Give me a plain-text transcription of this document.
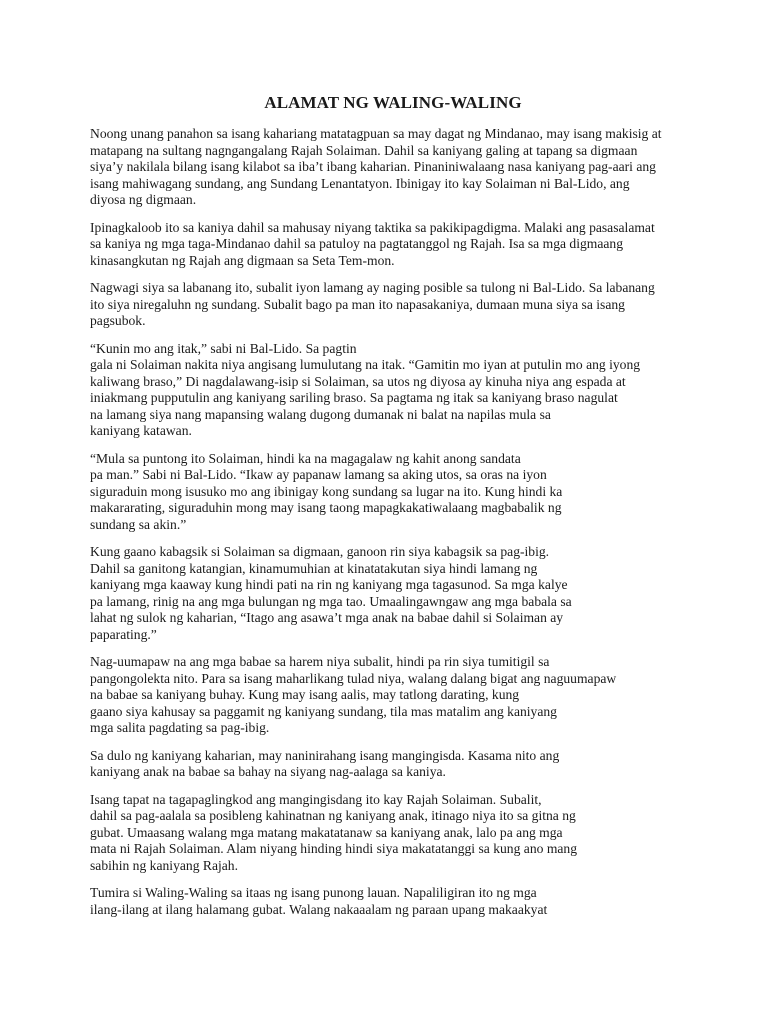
ALAMAT NG WALING-WALING
Noong unang panahon sa isang kahariang matatagpuan sa may dagat ng Mindanao, may isang makisig at
matapang na sultang nagngangalang Rajah Solaiman. Dahil sa kaniyang galing at tapang sa digmaan
siya’y nakilala bilang isang kilabot sa iba’t ibang kaharian. Pinaniniwalaang nasa kaniyang pag-aari ang
isang mahiwagang sundang, ang Sundang Lenantatyon. Ibinigay ito kay Solaiman ni Bal-Lido, ang
diyosa ng digmaan.
Ipinagkaloob ito sa kaniya dahil sa mahusay niyang taktika sa pakikipagdigma. Malaki ang pasasalamat
sa kaniya ng mga taga-Mindanao dahil sa patuloy na pagtatanggol ng Rajah. Isa sa mga digmaang
kinasangkutan ng Rajah ang digmaan sa Seta Tem-mon.
Nagwagi siya sa labanang ito, subalit iyon lamang ay naging posible sa tulong ni Bal-Lido. Sa labanang
ito siya niregaluhn ng sundang. Subalit bago pa man ito napasakaniya, dumaan muna siya sa isang
pagsubok.
“Kunin mo ang itak,” sabi ni Bal-Lido. Sa pagtin
gala ni Solaiman nakita niya angisang lumulutang na itak. “Gamitin mo iyan at putulin mo ang iyong
kaliwang braso,” Di nagdalawang-isip si Solaiman, sa utos ng diyosa ay kinuha niya ang espada at
iniakmang pupputulin ang kaniyang sariling braso. Sa pagtama ng itak sa kaniyang braso nagulat
na lamang siya nang mapansing walang dugong dumanak ni balat na napilas mula sa
kaniyang katawan.
“Mula sa puntong ito Solaiman, hindi ka na magagalaw ng kahit anong sandata
pa man.” Sabi ni Bal-Lido. “Ikaw ay papanaw lamang sa aking utos, sa oras na iyon
siguraduin mong isusuko mo ang ibinigay kong sundang sa lugar na ito. Kung hindi ka
makararating, siguraduhin mong may isang taong mapagkakatiwalaang magbabalik ng
sundang sa akin.”
Kung gaano kabagsik si Solaiman sa digmaan, ganoon rin siya kabagsik sa pag-ibig.
Dahil sa ganitong katangian, kinamumuhian at kinatatakutan siya hindi lamang ng
kaniyang mga kaaway kung hindi pati na rin ng kaniyang mga tagasunod. Sa mga kalye
pa lamang, rinig na ang mga bulungan ng mga tao. Umaalingawngaw ang mga babala sa
lahat ng sulok ng kaharian, “Itago ang asawa’t mga anak na babae dahil si Solaiman ay
paparating.”
Nag-uumapaw na ang mga babae sa harem niya subalit, hindi pa rin siya tumitigil sa
pangongolekta nito. Para sa isang maharlikang tulad niya, walang dalang bigat ang naguumapaw
na babae sa kaniyang buhay. Kung may isang aalis, may tatlong darating, kung
gaano siya kahusay sa paggamit ng kaniyang sundang, tila mas matalim ang kaniyang
mga salita pagdating sa pag-ibig.
Sa dulo ng kaniyang kaharian, may naninirahang isang mangingisda. Kasama nito ang
kaniyang anak na babae sa bahay na siyang nag-aalaga sa kaniya.
Isang tapat na tagapaglingkod ang mangingisdang ito kay Rajah Solaiman. Subalit,
dahil sa pag-aalala sa posibleng kahinatnan ng kaniyang anak, itinago niya ito sa gitna ng
gubat. Umaasang walang mga matang makatatanaw sa kaniyang anak, lalo pa ang mga
mata ni Rajah Solaiman. Alam niyang hinding hindi siya makatatanggi sa kung ano mang
sabihin ng kaniyang Rajah.
Tumira si Waling-Waling sa itaas ng isang punong lauan. Napaliligiran ito ng mga
ilang-ilang at ilang halamang gubat. Walang nakaaalam ng paraan upang makaakyat
